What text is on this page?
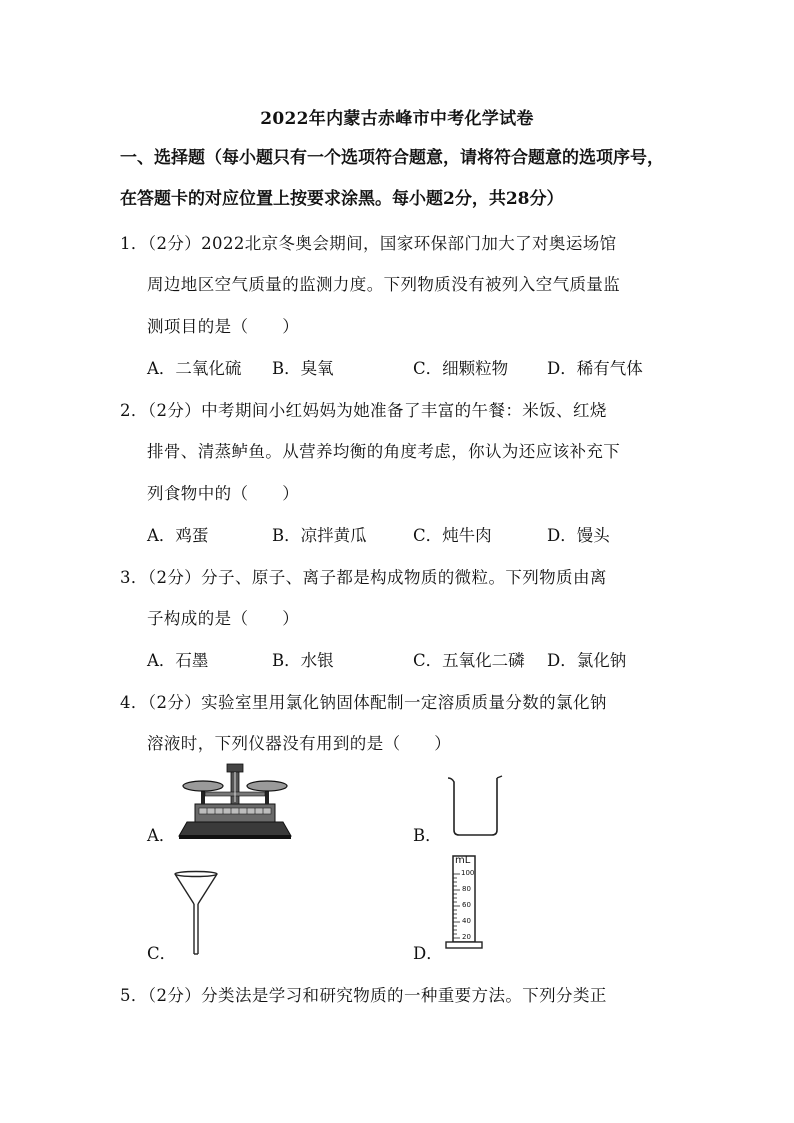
2022年内蒙古赤峰市中考化学试卷
一、选择题（每小题只有一个选项符合题意，请将符合题意的选项序号，在答题卡的对应位置上按要求涂黑。每小题2分，共28分）
1．（2分）2022北京冬奥会期间，国家环保部门加大了对奥运场馆
周边地区空气质量的监测力度。下列物质没有被列入空气质量监
测项目的是（　　）
A．二氧化硫 B．臭氧	C．细颗粒物 D．稀有气体
2．（2分）中考期间小红妈妈为她准备了丰富的午餐：米饭、红烧
排骨、清蒸鲈鱼。从营养均衡的角度考虑，你认为还应该补充下
列食物中的（　　）
A．鸡蛋	B．凉拌黄瓜	C．炖牛肉	D．馒头
3．（2分）分子、原子、离子都是构成物质的微粒。下列物质由离
子构成的是（　　）
A．石墨	B．水银	C．五氧化二磷 D．氯化钠
4．（2分）实验室里用氯化钠固体配制一定溶质质量分数的氯化钠
溶液时，下列仪器没有用到的是（　　）
A．	B．
C．	D．
mL
100
80
60
40
20
5．（2分）分类法是学习和研究物质的一种重要方法。下列分类正
